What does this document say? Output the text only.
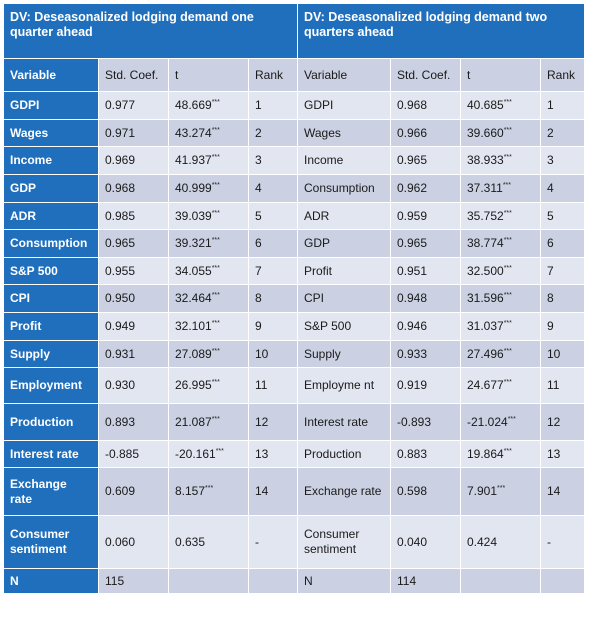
DV: Deseasonalized lodging demand one quarter ahead				DV: Deseasonalized lodging demand two quarters ahead			
Variable	Std. Coef.	t	Rank	Variable	Std. Coef.	t	Rank
GDPI	0.977	48.669***	1	GDPI	0.968	40.685***	1
Wages	0.971	43.274***	2	Wages	0.966	39.660***	2
Income	0.969	41.937***	3	Income	0.965	38.933***	3
GDP	0.968	40.999***	4	Consumption	0.962	37.311***	4
ADR	0.985	39.039***	5	ADR	0.959	35.752***	5
Consumption	0.965	39.321***	6	GDP	0.965	38.774***	6
S&P 500	0.955	34.055***	7	Profit	0.951	32.500***	7
CPI	0.950	32.464***	8	CPI	0.948	31.596***	8
Profit	0.949	32.101***	9	S&P 500	0.946	31.037***	9
Supply	0.931	27.089***	10	Supply	0.933	27.496***	10
Employment	0.930	26.995***	11	Employme nt	0.919	24.677***	11
Production	0.893	21.087***	12	Interest rate	-0.893	-21.024***	12
Interest rate	-0.885	-20.161***	13	Production	0.883	19.864***	13
Exchange rate	0.609	8.157***	14	Exchange rate	0.598	7.901***	14
Consumer sentiment	0.060	0.635	-	Consumer sentiment	0.040	0.424	-
N	115			N	114		
